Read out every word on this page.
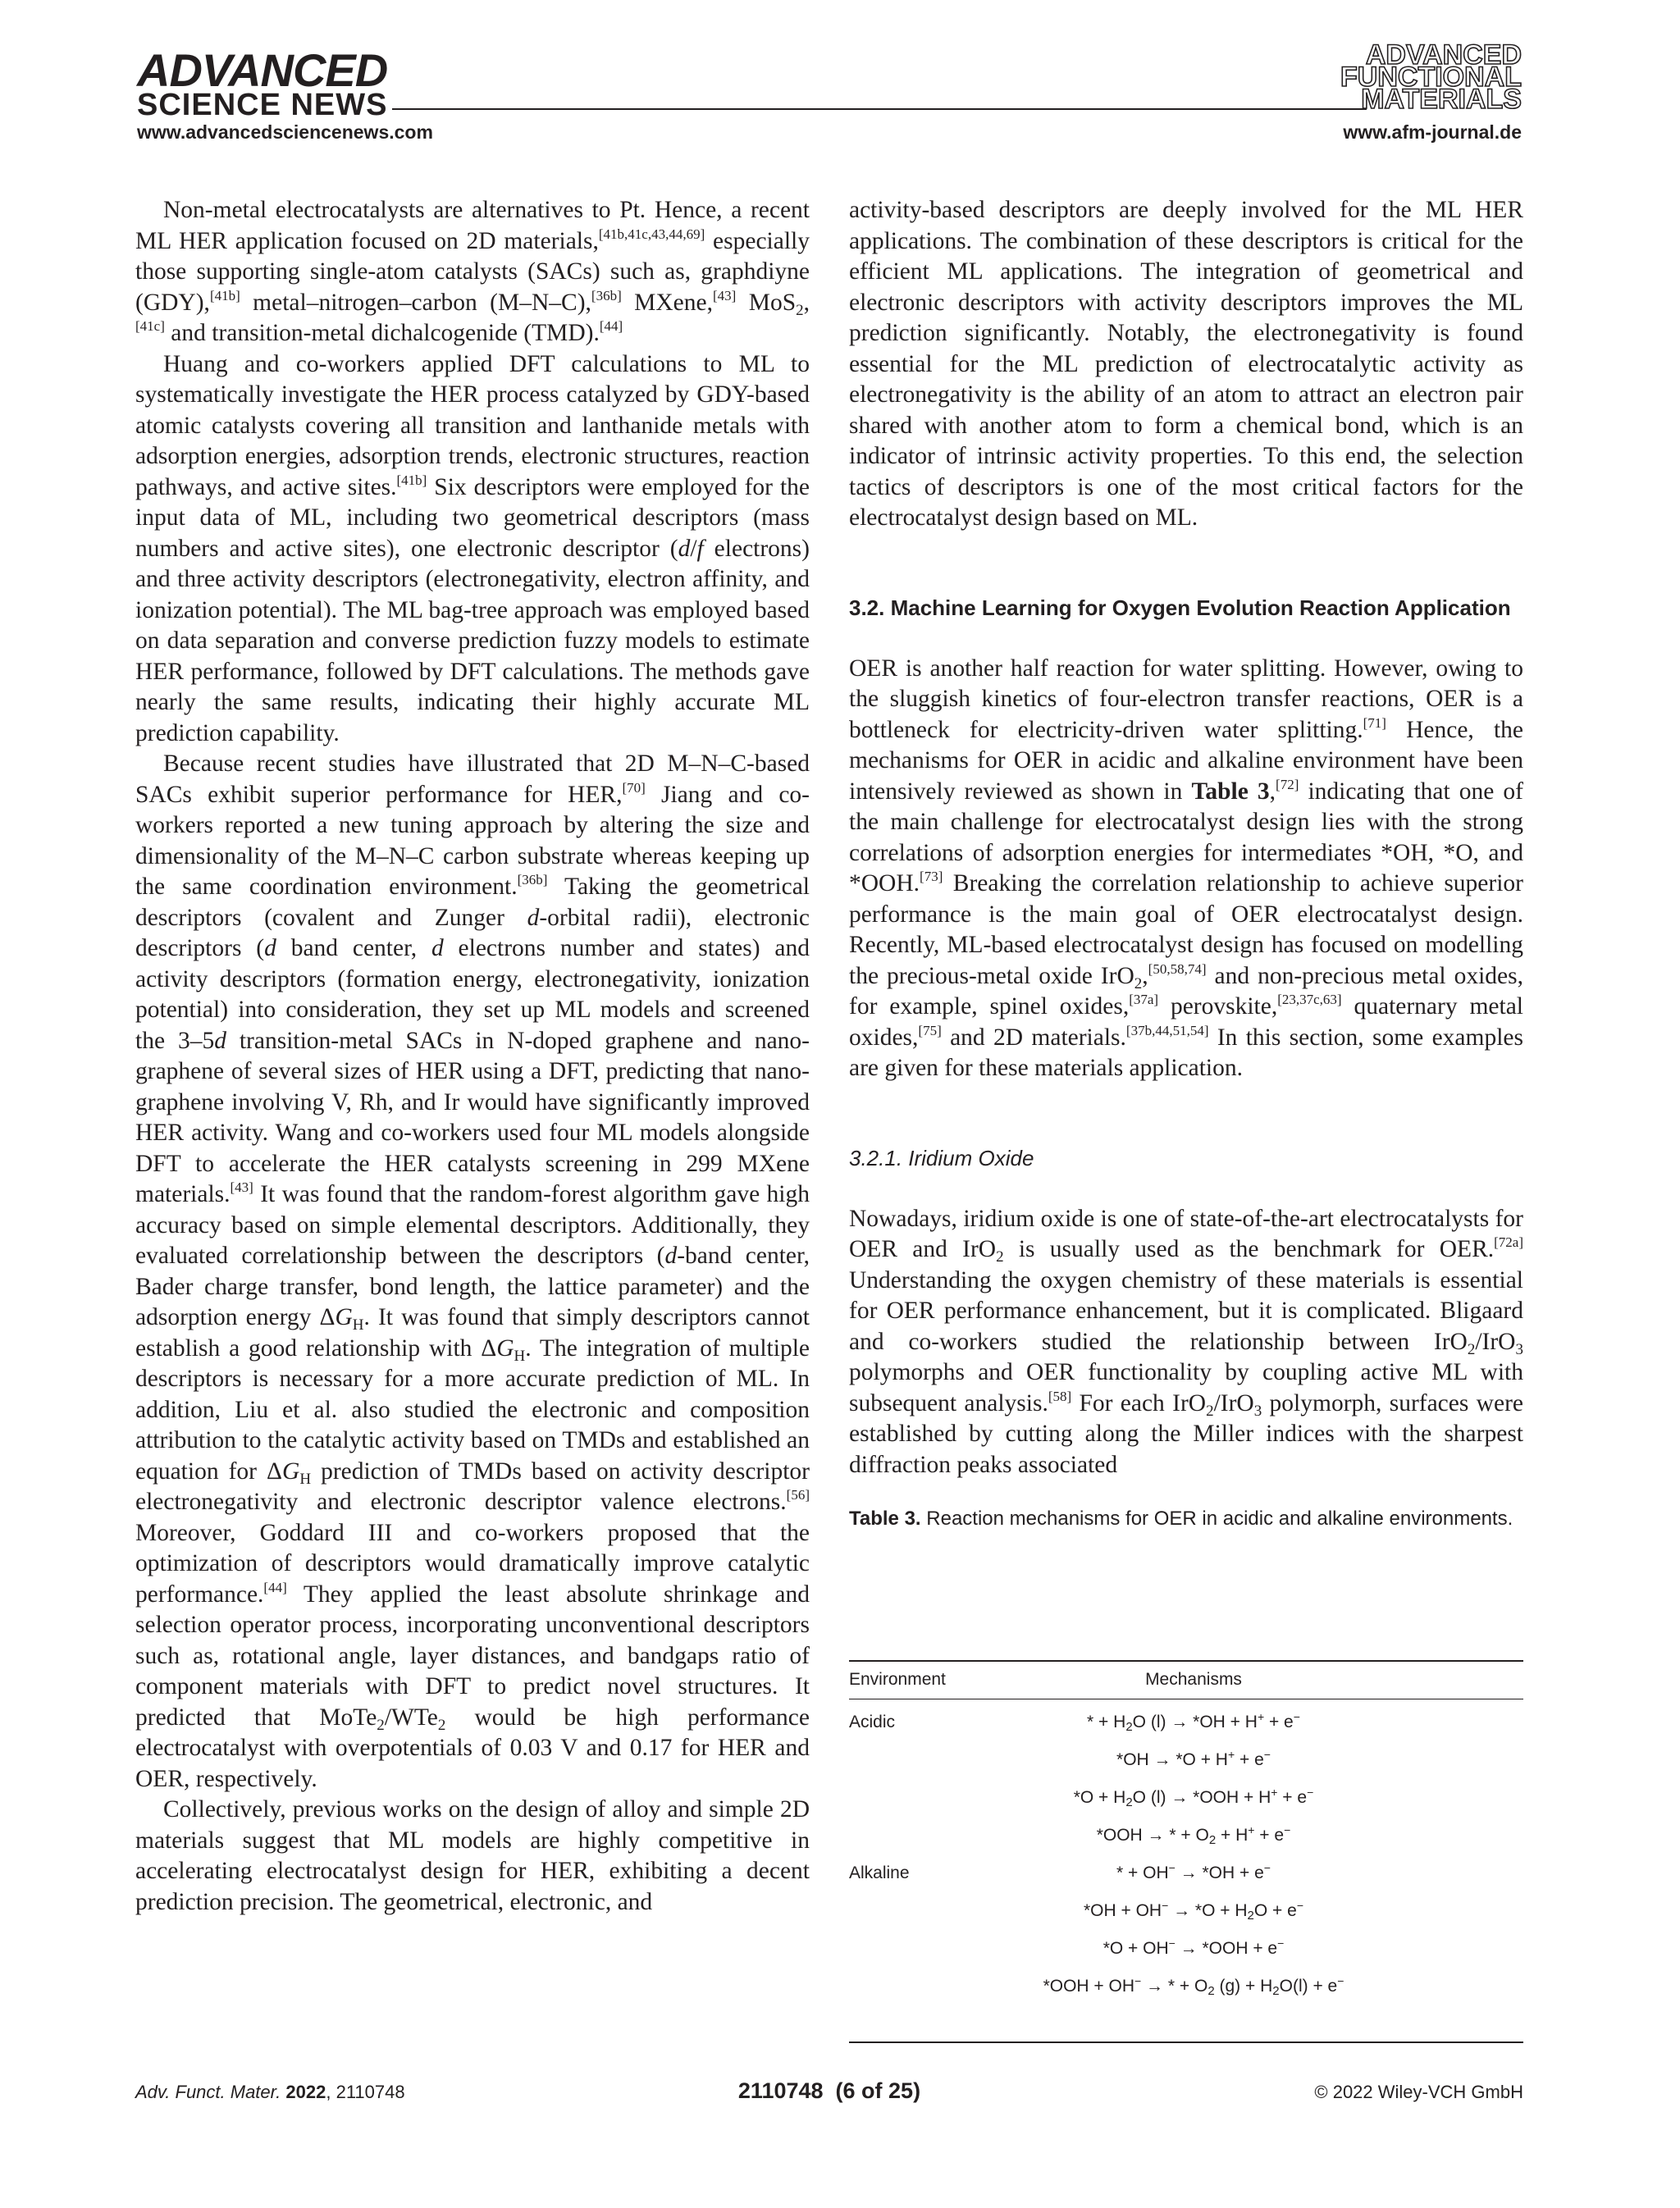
ADVANCED
SCIENCE NEWS
www.advancedsciencenews.com
ADVANCED
FUNCTIONAL
MATERIALS
www.afm-journal.de

Non-metal electrocatalysts are alternatives to Pt. Hence, a recent ML HER application focused on 2D materials,[41b,41c,43,44,69] especially those supporting single-atom catalysts (SACs) such as, graphdiyne (GDY),[41b] metal–nitrogen–carbon (M–N–C),[36b] MXene,[43] MoS$_2$,[41c] and transition-metal dichalcogenide (TMD).[44]

Huang and co-workers applied DFT calculations to ML to systematically investigate the HER process catalyzed by GDY-based atomic catalysts covering all transition and lanthanide metals with adsorption energies, adsorption trends, electronic structures, reaction pathways, and active sites.[41b] Six descriptors were employed for the input data of ML, including two geometrical descriptors (mass numbers and active sites), one electronic descriptor (d/f electrons) and three activity descriptors (electronegativity, electron affinity, and ionization potential). The ML bag-tree approach was employed based on data separation and converse prediction fuzzy models to estimate HER performance, followed by DFT calculations. The methods gave nearly the same results, indicating their highly accurate ML prediction capability.

Because recent studies have illustrated that 2D M–N–C-based SACs exhibit superior performance for HER,[70] Jiang and co-workers reported a new tuning approach by altering the size and dimensionality of the M–N–C carbon substrate whereas keeping up the same coordination environment.[36b] Taking the geometrical descriptors (covalent and Zunger d-orbital radii), electronic descriptors (d band center, d electrons number and states) and activity descriptors (formation energy, electronegativity, ionization potential) into consideration, they set up ML models and screened the 3–5d transition-metal SACs in N-doped graphene and nano-graphene of several sizes of HER using a DFT, predicting that nano-graphene involving V, Rh, and Ir would have significantly improved HER activity. Wang and co-workers used four ML models alongside DFT to accelerate the HER catalysts screening in 299 MXene materials.[43] It was found that the random-forest algorithm gave high accuracy based on simple elemental descriptors. Additionally, they evaluated correlationship between the descriptors (d-band center, Bader charge transfer, bond length, the lattice parameter) and the adsorption energy $\Delta G_H$. It was found that simply descriptors cannot establish a good relationship with $\Delta G_H$. The integration of multiple descriptors is necessary for a more accurate prediction of ML. In addition, Liu et al. also studied the electronic and composition attribution to the catalytic activity based on TMDs and established an equation for $\Delta G_H$ prediction of TMDs based on activity descriptor electronegativity and electronic descriptor valence electrons.[56] Moreover, Goddard III and co-workers proposed that the optimization of descriptors would dramatically improve catalytic performance.[44] They applied the least absolute shrinkage and selection operator process, incorporating unconventional descriptors such as, rotational angle, layer distances, and bandgaps ratio of component materials with DFT to predict novel structures. It predicted that MoTe$_2$/WTe$_2$ would be high performance electrocatalyst with overpotentials of 0.03 V and 0.17 for HER and OER, respectively.

Collectively, previous works on the design of alloy and simple 2D materials suggest that ML models are highly competitive in accelerating electrocatalyst design for HER, exhibiting a decent prediction precision. The geometrical, electronic, and

activity-based descriptors are deeply involved for the ML HER applications. The combination of these descriptors is critical for the efficient ML applications. The integration of geometrical and electronic descriptors with activity descriptors improves the ML prediction significantly. Notably, the electronegativity is found essential for the ML prediction of electrocatalytic activity as electronegativity is the ability of an atom to attract an electron pair shared with another atom to form a chemical bond, which is an indicator of intrinsic activity properties. To this end, the selection tactics of descriptors is one of the most critical factors for the electrocatalyst design based on ML.

3.2. Machine Learning for Oxygen Evolution Reaction Application

OER is another half reaction for water splitting. However, owing to the sluggish kinetics of four-electron transfer reactions, OER is a bottleneck for electricity-driven water splitting.[71] Hence, the mechanisms for OER in acidic and alkaline environment have been intensively reviewed as shown in Table 3,[72] indicating that one of the main challenge for electrocatalyst design lies with the strong correlations of adsorption energies for intermediates *OH, *O, and *OOH.[73] Breaking the correlation relationship to achieve superior performance is the main goal of OER electrocatalyst design. Recently, ML-based electrocatalyst design has focused on modelling the precious-metal oxide IrO$_2$,[50,58,74] and non-precious metal oxides, for example, spinel oxides,[37a] perovskite,[23,37c,63] quaternary metal oxides,[75] and 2D materials.[37b,44,51,54] In this section, some examples are given for these materials application.

3.2.1. Iridium Oxide

Nowadays, iridium oxide is one of state-of-the-art electrocatalysts for OER and IrO$_2$ is usually used as the benchmark for OER.[72a] Understanding the oxygen chemistry of these materials is essential for OER performance enhancement, but it is complicated. Bligaard and co-workers studied the relationship between IrO$_2$/IrO$_3$ polymorphs and OER functionality by coupling active ML with subsequent analysis.[58] For each IrO$_2$/IrO$_3$ polymorph, surfaces were established by cutting along the Miller indices with the sharpest diffraction peaks associated

Table 3. Reaction mechanisms for OER in acidic and alkaline environments.

Environment	Mechanisms
Acidic	* + $H_2O$ (l) → *OH + H+ + e−
*OH → *O + H+ + e−
$*O + H_2O$ (l) → *OOH + H+ + e−
*OOH → * + $O_2 + H^+ + e^-$
Alkaline	* + OH− → *OH + e−
$*OH + OH^- \to *O + H_2O + e^-$
*O + OH− → *OOH + e−
*OOH + OH− → * + $O_2$ $(g) + H_2O(l) + e^-$
Adv. Funct. Mater. 2022, 2110748	2110748 (6 of 25)	© 2022 Wiley-VCH GmbH
